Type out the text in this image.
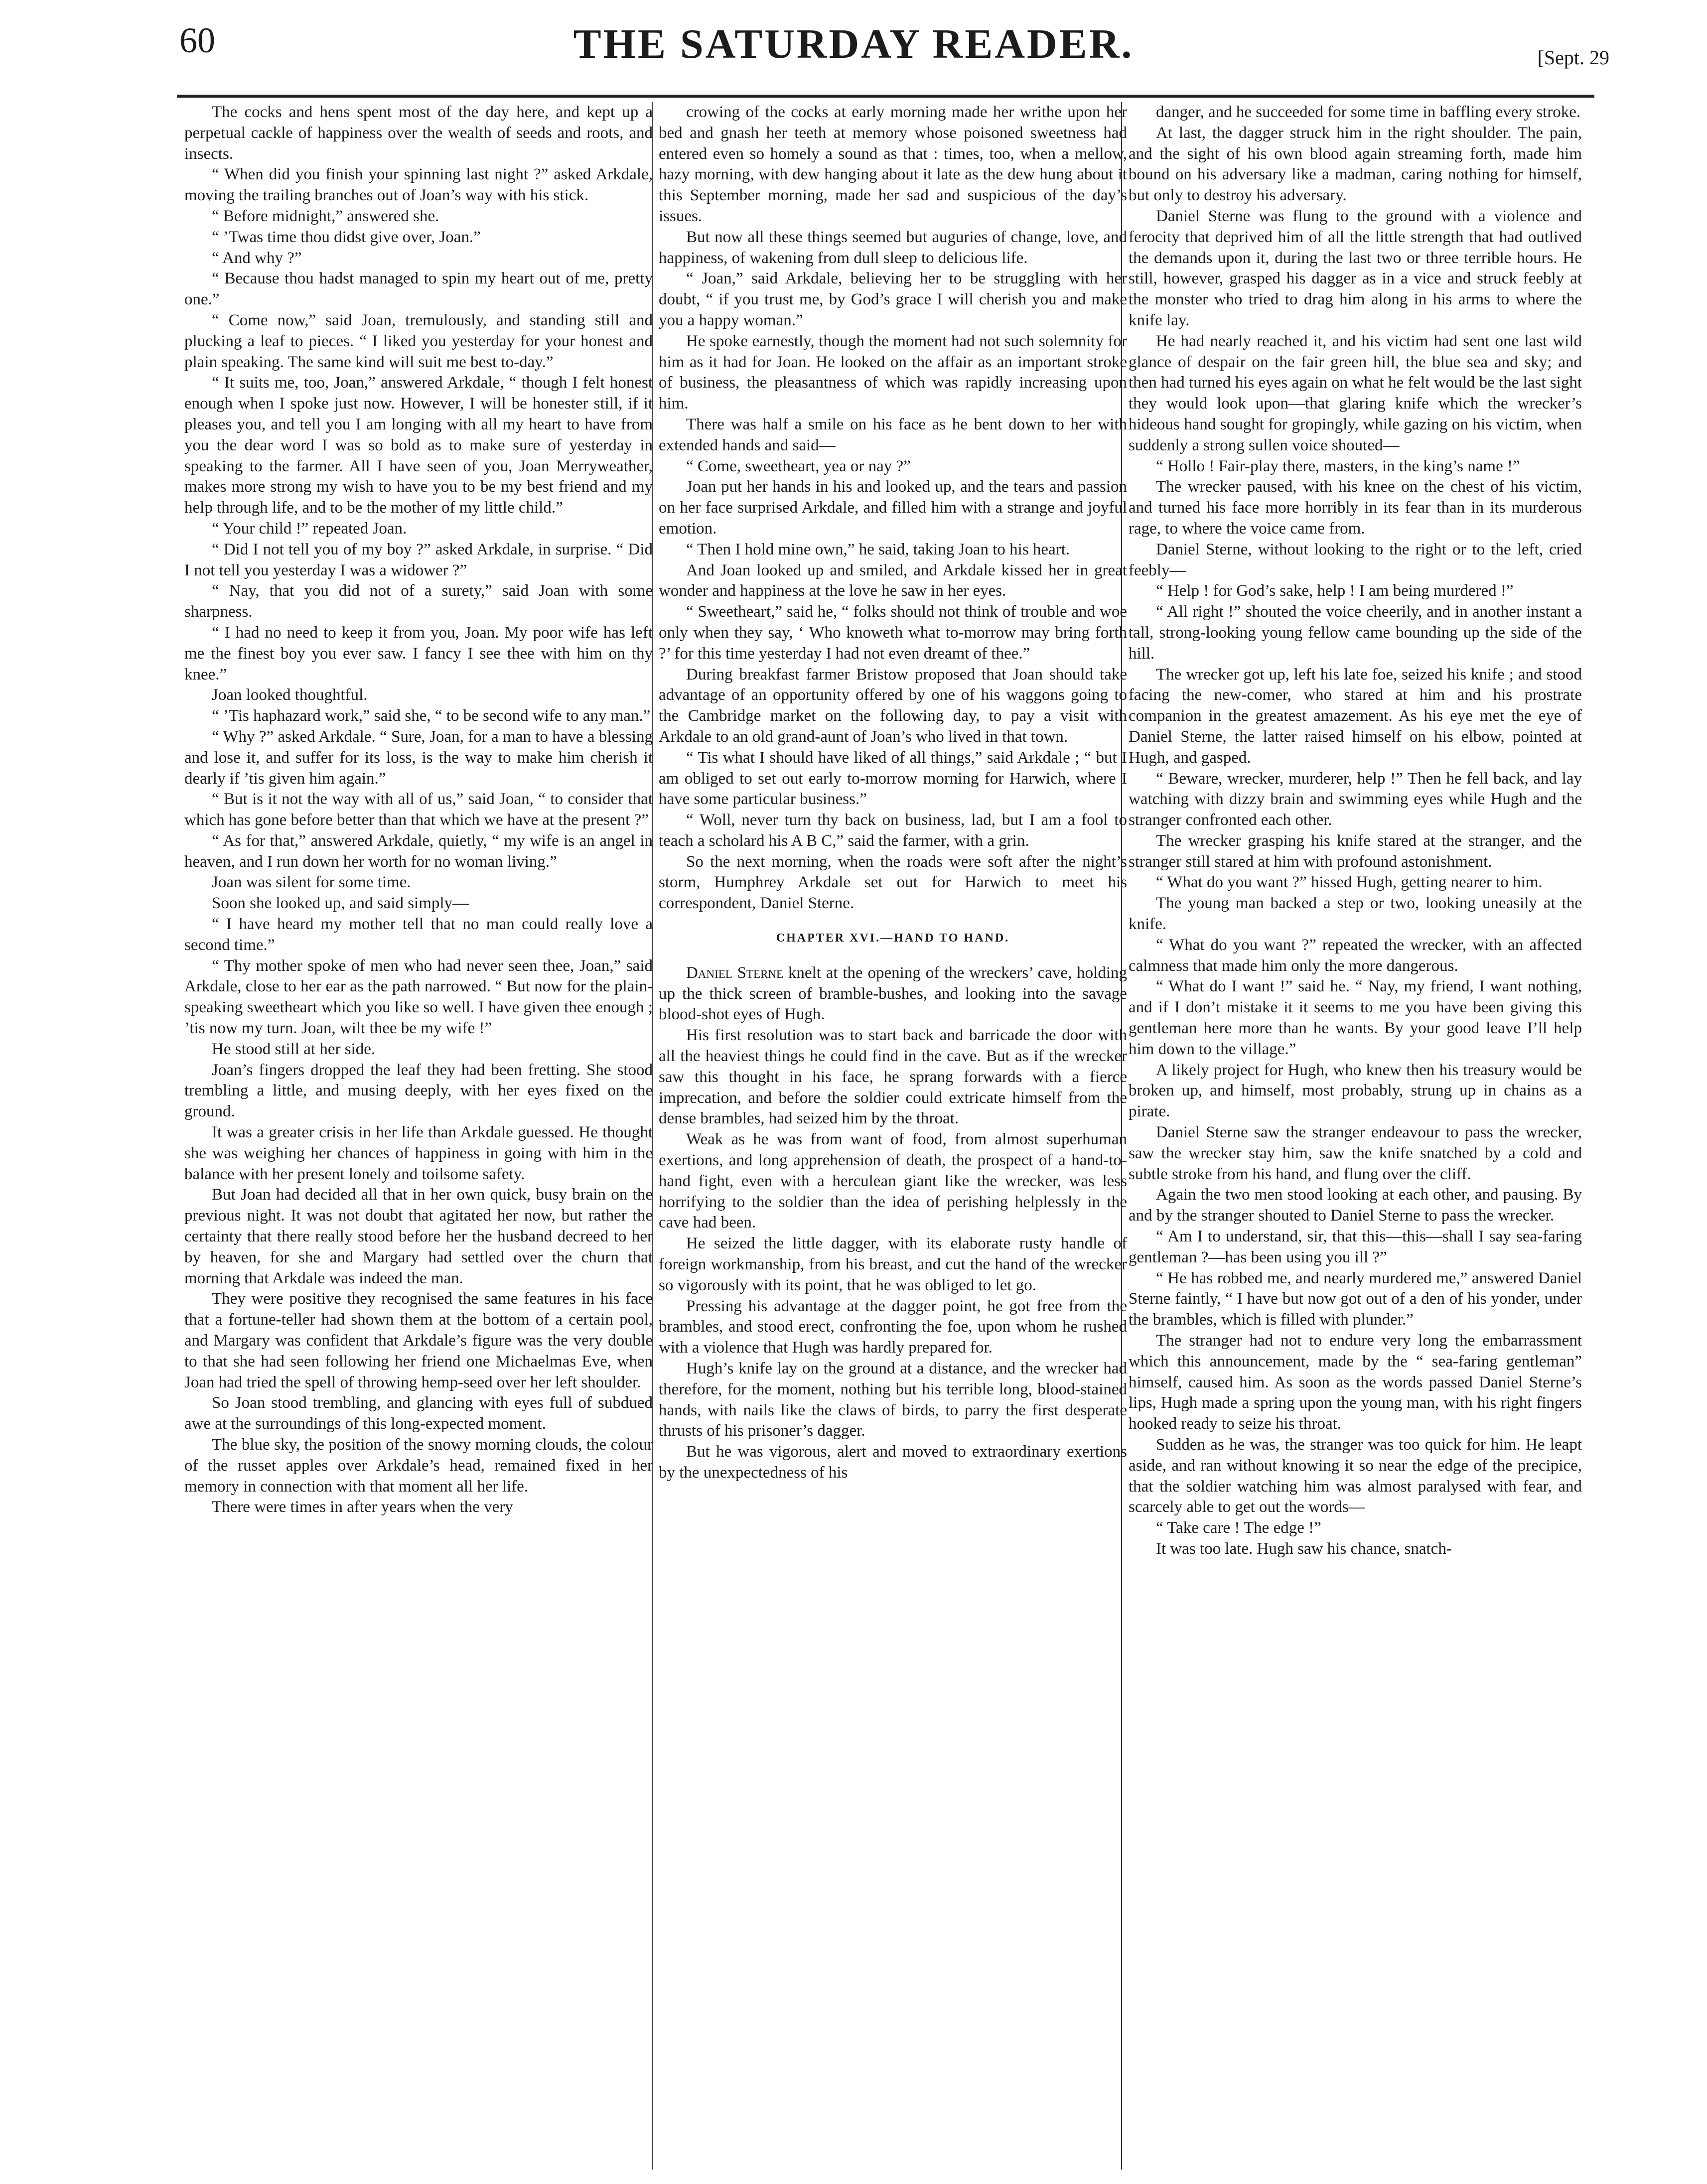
60	THE SATURDAY READER.	[Sept. 29

The cocks and hens spent most of the day here, and kept up a perpetual cackle of happiness over the wealth of seeds and roots, and insects.

“ When did you finish your spinning last night ?” asked Arkdale, moving the trailing branches out of Joan’s way with his stick.

“ Before midnight,” answered she.

“ ’Twas time thou didst give over, Joan.”

“ And why ?”

“ Because thou hadst managed to spin my heart out of me, pretty one.”

“ Come now,” said Joan, tremulously, and standing still and plucking a leaf to pieces. “ I liked you yesterday for your honest and plain speaking. The same kind will suit me best to-day.”

“ It suits me, too, Joan,” answered Arkdale, “ though I felt honest enough when I spoke just now. However, I will be honester still, if it pleases you, and tell you I am longing with all my heart to have from you the dear word I was so bold as to make sure of yesterday in speaking to the farmer. All I have seen of you, Joan Merryweather, makes more strong my wish to have you to be my best friend and my help through life, and to be the mother of my little child.”

“ Your child !” repeated Joan.

“ Did I not tell you of my boy ?” asked Arkdale, in surprise. “ Did I not tell you yesterday I was a widower ?”

“ Nay, that you did not of a surety,” said Joan with some sharpness.

“ I had no need to keep it from you, Joan. My poor wife has left me the finest boy you ever saw. I fancy I see thee with him on thy knee.”

Joan looked thoughtful.

“ ’Tis haphazard work,” said she, “ to be second wife to any man.”

“ Why ?” asked Arkdale. “ Sure, Joan, for a man to have a blessing and lose it, and suffer for its loss, is the way to make him cherish it dearly if ’tis given him again.”

“ But is it not the way with all of us,” said Joan, “ to consider that which has gone before better than that which we have at the present ?”

“ As for that,” answered Arkdale, quietly, “ my wife is an angel in heaven, and I run down her worth for no woman living.”

Joan was silent for some time.

Soon she looked up, and said simply—

“ I have heard my mother tell that no man could really love a second time.”

“ Thy mother spoke of men who had never seen thee, Joan,” said Arkdale, close to her ear as the path narrowed. “ But now for the plain-speaking sweetheart which you like so well. I have given thee enough ; ’tis now my turn. Joan, wilt thee be my wife !”

He stood still at her side.

Joan’s fingers dropped the leaf they had been fretting. She stood trembling a little, and musing deeply, with her eyes fixed on the ground.

It was a greater crisis in her life than Arkdale guessed. He thought she was weighing her chances of happiness in going with him in the balance with her present lonely and toilsome safety.

But Joan had decided all that in her own quick, busy brain on the previous night. It was not doubt that agitated her now, but rather the certainty that there really stood before her the husband decreed to her by heaven, for she and Margary had settled over the churn that morning that Arkdale was indeed the man.

They were positive they recognised the same features in his face that a fortune-teller had shown them at the bottom of a certain pool, and Margary was confident that Arkdale’s figure was the very double to that she had seen following her friend one Michaelmas Eve, when Joan had tried the spell of throwing hemp-seed over her left shoulder.

So Joan stood trembling, and glancing with eyes full of subdued awe at the surroundings of this long-expected moment.

The blue sky, the position of the snowy morning clouds, the colour of the russet apples over Arkdale’s head, remained fixed in her memory in connection with that moment all her life.

There were times in after years when the very

crowing of the cocks at early morning made her writhe upon her bed and gnash her teeth at memory whose poisoned sweetness had entered even so homely a sound as that : times, too, when a mellow, hazy morning, with dew hanging about it late as the dew hung about it this September morning, made her sad and suspicious of the day’s issues.

But now all these things seemed but auguries of change, love, and happiness, of wakening from dull sleep to delicious life.

“ Joan,” said Arkdale, believing her to be struggling with her doubt, “ if you trust me, by God’s grace I will cherish you and make you a happy woman.”

He spoke earnestly, though the moment had not such solemnity for him as it had for Joan. He looked on the affair as an important stroke of business, the pleasantness of which was rapidly increasing upon him.

There was half a smile on his face as he bent down to her with extended hands and said—

“ Come, sweetheart, yea or nay ?”

Joan put her hands in his and looked up, and the tears and passion on her face surprised Arkdale, and filled him with a strange and joyful emotion.

“ Then I hold mine own,” he said, taking Joan to his heart.

And Joan looked up and smiled, and Arkdale kissed her in great wonder and happiness at the love he saw in her eyes.

“ Sweetheart,” said he, “ folks should not think of trouble and woe only when they say, ‘ Who knoweth what to-morrow may bring forth ?’ for this time yesterday I had not even dreamt of thee.”

During breakfast farmer Bristow proposed that Joan should take advantage of an opportunity offered by one of his waggons going to the Cambridge market on the following day, to pay a visit with Arkdale to an old grand-aunt of Joan’s who lived in that town.

“ Tis what I should have liked of all things,” said Arkdale ; “ but I am obliged to set out early to-morrow morning for Harwich, where I have some particular business.”

“ Woll, never turn thy back on business, lad, but I am a fool to teach a scholard his A B C,” said the farmer, with a grin.

So the next morning, when the roads were soft after the night’s storm, Humphrey Arkdale set out for Harwich to meet his correspondent, Daniel Sterne.

CHAPTER XVI.—HAND TO HAND.

Daniel Sterne knelt at the opening of the wreckers’ cave, holding up the thick screen of bramble-bushes, and looking into the savage blood-shot eyes of Hugh.

His first resolution was to start back and barricade the door with all the heaviest things he could find in the cave. But as if the wrecker saw this thought in his face, he sprang forwards with a fierce imprecation, and before the soldier could extricate himself from the dense brambles, had seized him by the throat.

Weak as he was from want of food, from almost superhuman exertions, and long apprehension of death, the prospect of a hand-to-hand fight, even with a herculean giant like the wrecker, was less horrifying to the soldier than the idea of perishing helplessly in the cave had been.

He seized the little dagger, with its elaborate rusty handle of foreign workmanship, from his breast, and cut the hand of the wrecker so vigorously with its point, that he was obliged to let go.

Pressing his advantage at the dagger point, he got free from the brambles, and stood erect, confronting the foe, upon whom he rushed with a violence that Hugh was hardly prepared for.

Hugh’s knife lay on the ground at a distance, and the wrecker had therefore, for the moment, nothing but his terrible long, blood-stained hands, with nails like the claws of birds, to parry the first desperate thrusts of his prisoner’s dagger.

But he was vigorous, alert and moved to extraordinary exertions by the unexpectedness of his

danger, and he succeeded for some time in baffling every stroke.

At last, the dagger struck him in the right shoulder. The pain, and the sight of his own blood again streaming forth, made him bound on his adversary like a madman, caring nothing for himself, but only to destroy his adversary.

Daniel Sterne was flung to the ground with a violence and ferocity that deprived him of all the little strength that had outlived the demands upon it, during the last two or three terrible hours. He still, however, grasped his dagger as in a vice and struck feebly at the monster who tried to drag him along in his arms to where the knife lay.

He had nearly reached it, and his victim had sent one last wild glance of despair on the fair green hill, the blue sea and sky; and then had turned his eyes again on what he felt would be the last sight they would look upon—that glaring knife which the wrecker’s hideous hand sought for gropingly, while gazing on his victim, when suddenly a strong sullen voice shouted—

“ Hollo ! Fair-play there, masters, in the king’s name !”

The wrecker paused, with his knee on the chest of his victim, and turned his face more horribly in its fear than in its murderous rage, to where the voice came from.

Daniel Sterne, without looking to the right or to the left, cried feebly—

“ Help ! for God’s sake, help ! I am being murdered !”

“ All right !” shouted the voice cheerily, and in another instant a tall, strong-looking young fellow came bounding up the side of the hill.

The wrecker got up, left his late foe, seized his knife ; and stood facing the new-comer, who stared at him and his prostrate companion in the greatest amazement. As his eye met the eye of Daniel Sterne, the latter raised himself on his elbow, pointed at Hugh, and gasped.

“ Beware, wrecker, murderer, help !” Then he fell back, and lay watching with dizzy brain and swimming eyes while Hugh and the stranger confronted each other.

The wrecker grasping his knife stared at the stranger, and the stranger still stared at him with profound astonishment.

“ What do you want ?” hissed Hugh, getting nearer to him.

The young man backed a step or two, looking uneasily at the knife.

“ What do you want ?” repeated the wrecker, with an affected calmness that made him only the more dangerous.

“ What do I want !” said he. “ Nay, my friend, I want nothing, and if I don’t mistake it it seems to me you have been giving this gentleman here more than he wants. By your good leave I’ll help him down to the village.”

A likely project for Hugh, who knew then his treasury would be broken up, and himself, most probably, strung up in chains as a pirate.

Daniel Sterne saw the stranger endeavour to pass the wrecker, saw the wrecker stay him, saw the knife snatched by a cold and subtle stroke from his hand, and flung over the cliff.

Again the two men stood looking at each other, and pausing. By and by the stranger shouted to Daniel Sterne to pass the wrecker.

“ Am I to understand, sir, that this—this—shall I say sea-faring gentleman ?—has been using you ill ?”

“ He has robbed me, and nearly murdered me,” answered Daniel Sterne faintly, “ I have but now got out of a den of his yonder, under the brambles, which is filled with plunder.”

The stranger had not to endure very long the embarrassment which this announcement, made by the “ sea-faring gentleman” himself, caused him. As soon as the words passed Daniel Sterne’s lips, Hugh made a spring upon the young man, with his right fingers hooked ready to seize his throat.

Sudden as he was, the stranger was too quick for him. He leapt aside, and ran without knowing it so near the edge of the precipice, that the soldier watching him was almost paralysed with fear, and scarcely able to get out the words—

“ Take care ! The edge !”

It was too late. Hugh saw his chance, snatch-
